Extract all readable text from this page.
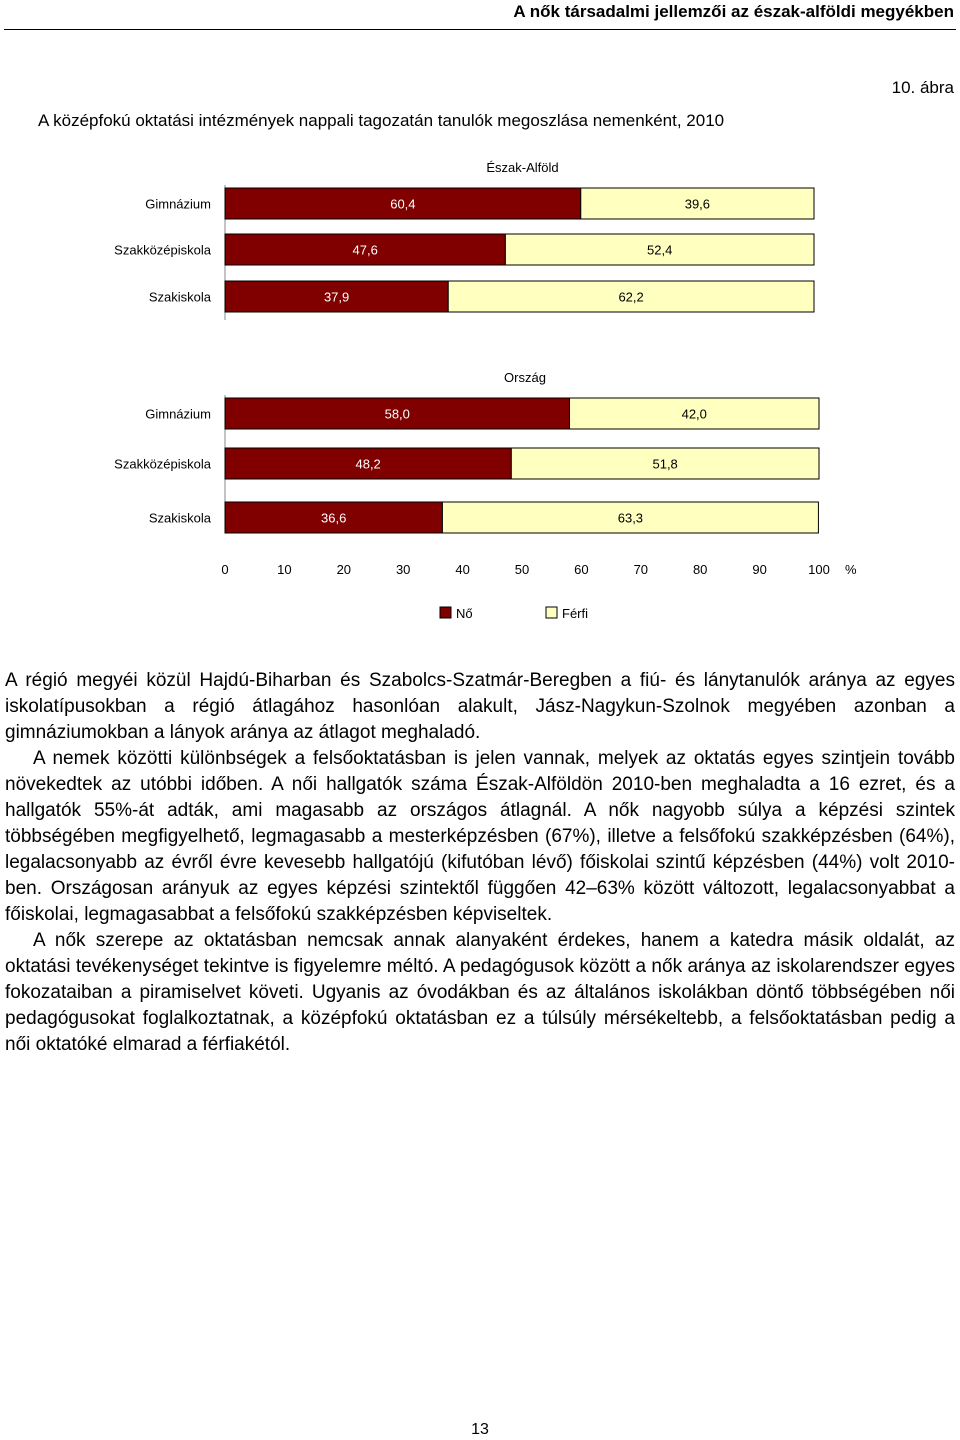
A nők társadalmi jellemzői az észak-alföldi megyékben
10. ábra
A középfokú oktatási intézmények nappali tagozatán tanulók megoszlása nemenként, 2010
Észak-Alföld
Gimnázium	60,4	39,6
Szakközépiskola	47,6	52,4
Szakiskola	37,9	62,2
Ország
Gimnázium	58,0	42,0
Szakközépiskola	48,2	51,8
Szakiskola	36,6	63,3
0	10	20	30	40	50	60	70	80	90	100 %
Nő	Férfi

A régió megyéi közül Hajdú-Biharban és Szabolcs-Szatmár-Beregben a fiú- és lánytanulók aránya az egyes iskolatípusokban a régió átlagához hasonlóan alakult, Jász-Nagykun-Szolnok megyében azonban a gimnáziumokban a lányok aránya az átlagot meghaladó.

A nemek közötti különbségek a felsőoktatásban is jelen vannak, melyek az oktatás egyes szintjein tovább növekedtek az utóbbi időben. A női hallgatók száma Észak-Alföldön 2010-ben meghaladta a 16 ezret, és a hallgatók 55%-át adták, ami magasabb az országos átlagnál. A nők nagyobb súlya a képzési szintek többségében megfigyelhető, legmagasabb a mesterképzésben (67%), illetve a felsőfokú szakképzésben (64%), legalacsonyabb az évről évre kevesebb hallgatójú (kifutóban lévő) főiskolai szintű képzésben (44%) volt 2010-ben. Országosan arányuk az egyes képzési szintektől függően 42–63% között változott, legalacsonyabbat a főiskolai, legmagasabbat a felsőfokú szakképzésben képviseltek.

A nők szerepe az oktatásban nemcsak annak alanyaként érdekes, hanem a katedra másik oldalát, az oktatási tevékenységet tekintve is figyelemre méltó. A pedagógusok között a nők aránya az iskolarendszer egyes fokozataiban a piramiselvet követi. Ugyanis az óvodákban és az általános iskolákban döntő többségében női pedagógusokat foglalkoztatnak, a középfokú oktatásban ez a túlsúly mérsékeltebb, a felsőoktatásban pedig a női oktatóké elmarad a férfiakétól.

13
